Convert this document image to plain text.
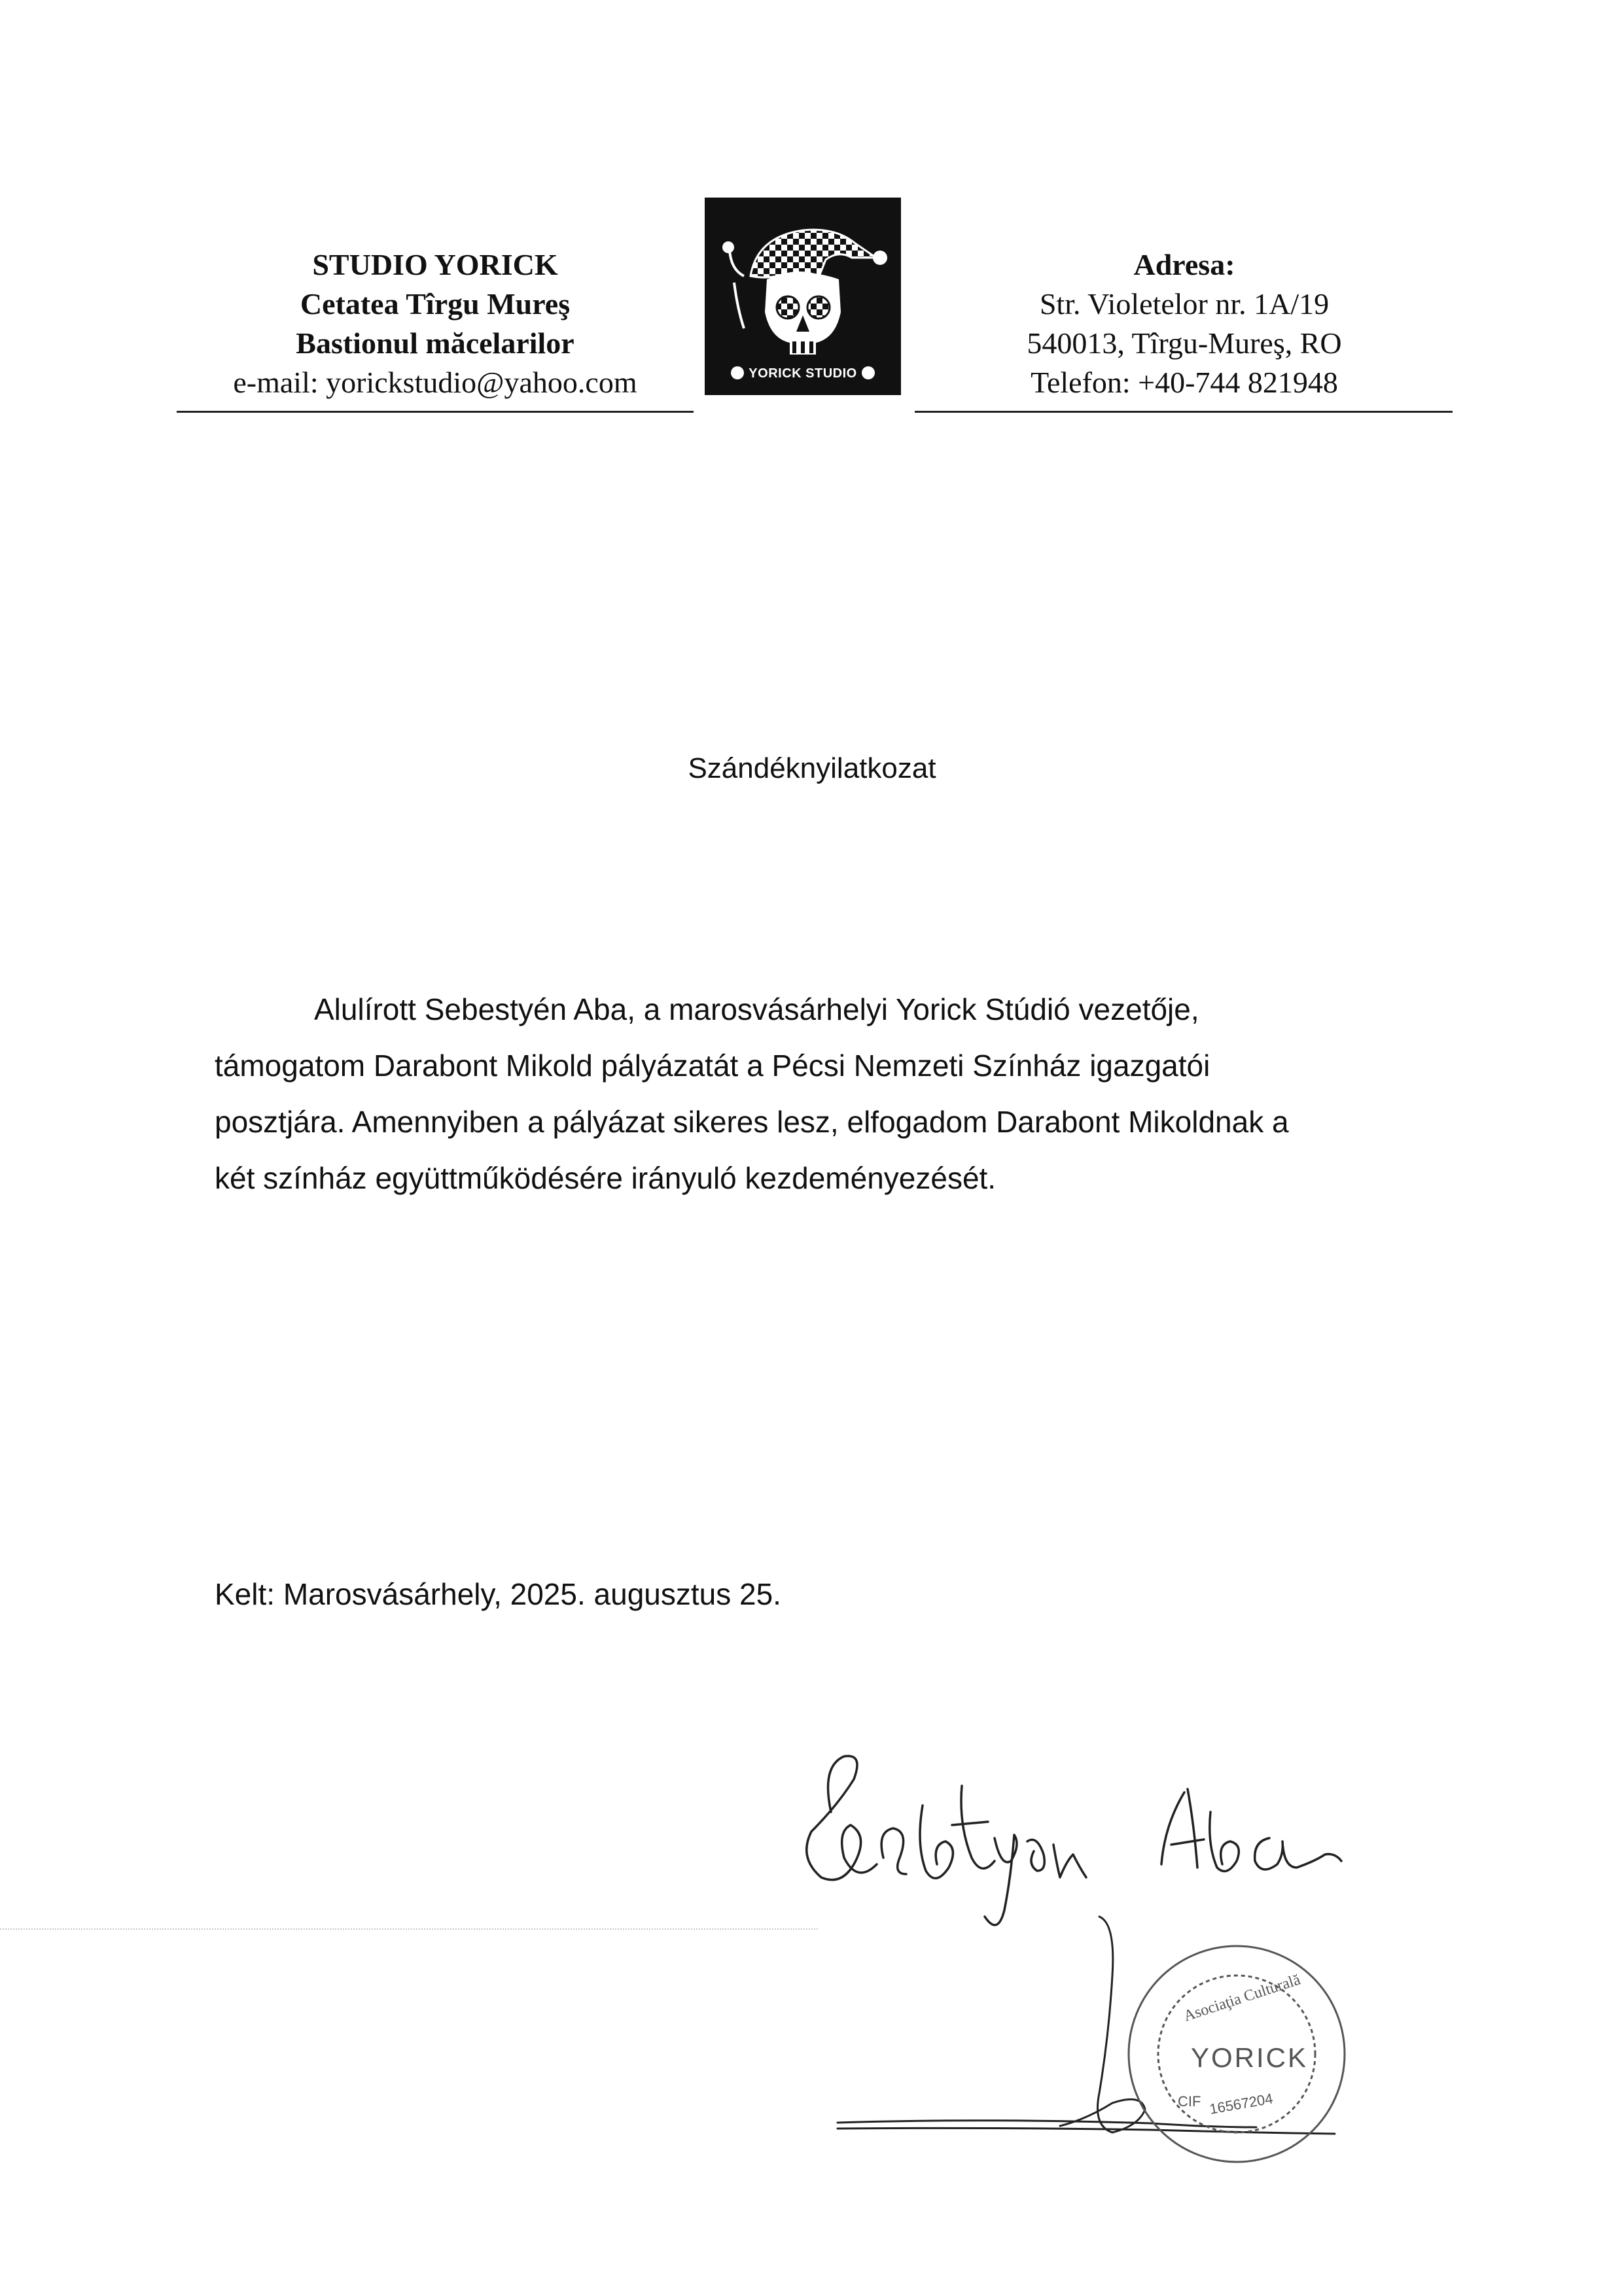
STUDIO YORICK
Cetatea Tîrgu Mureş
Bastionul măcelarilor
e-mail: yorickstudio@yahoo.com	YORICK STUDIO
Adresa:
Str. Violetelor nr. 1A/19
540013, Tîrgu-Mureş, RO
Telefon: +40-744 821948
Szándéknyilatkozat
Alulírott Sebestyén Aba, a marosvásárhelyi Yorick Stúdió vezetője,
támogatom Darabont Mikold pályázatát a Pécsi Nemzeti Színház igazgatói
posztjára. Amennyiben a pályázat sikeres lesz, elfogadom Darabont Mikoldnak a
két színház együttműködésére irányuló kezdeményezését.
Kelt: Marosvásárhely, 2025. augusztus 25.
Asociaţia Culturală
YORICK
CIF 16567204
